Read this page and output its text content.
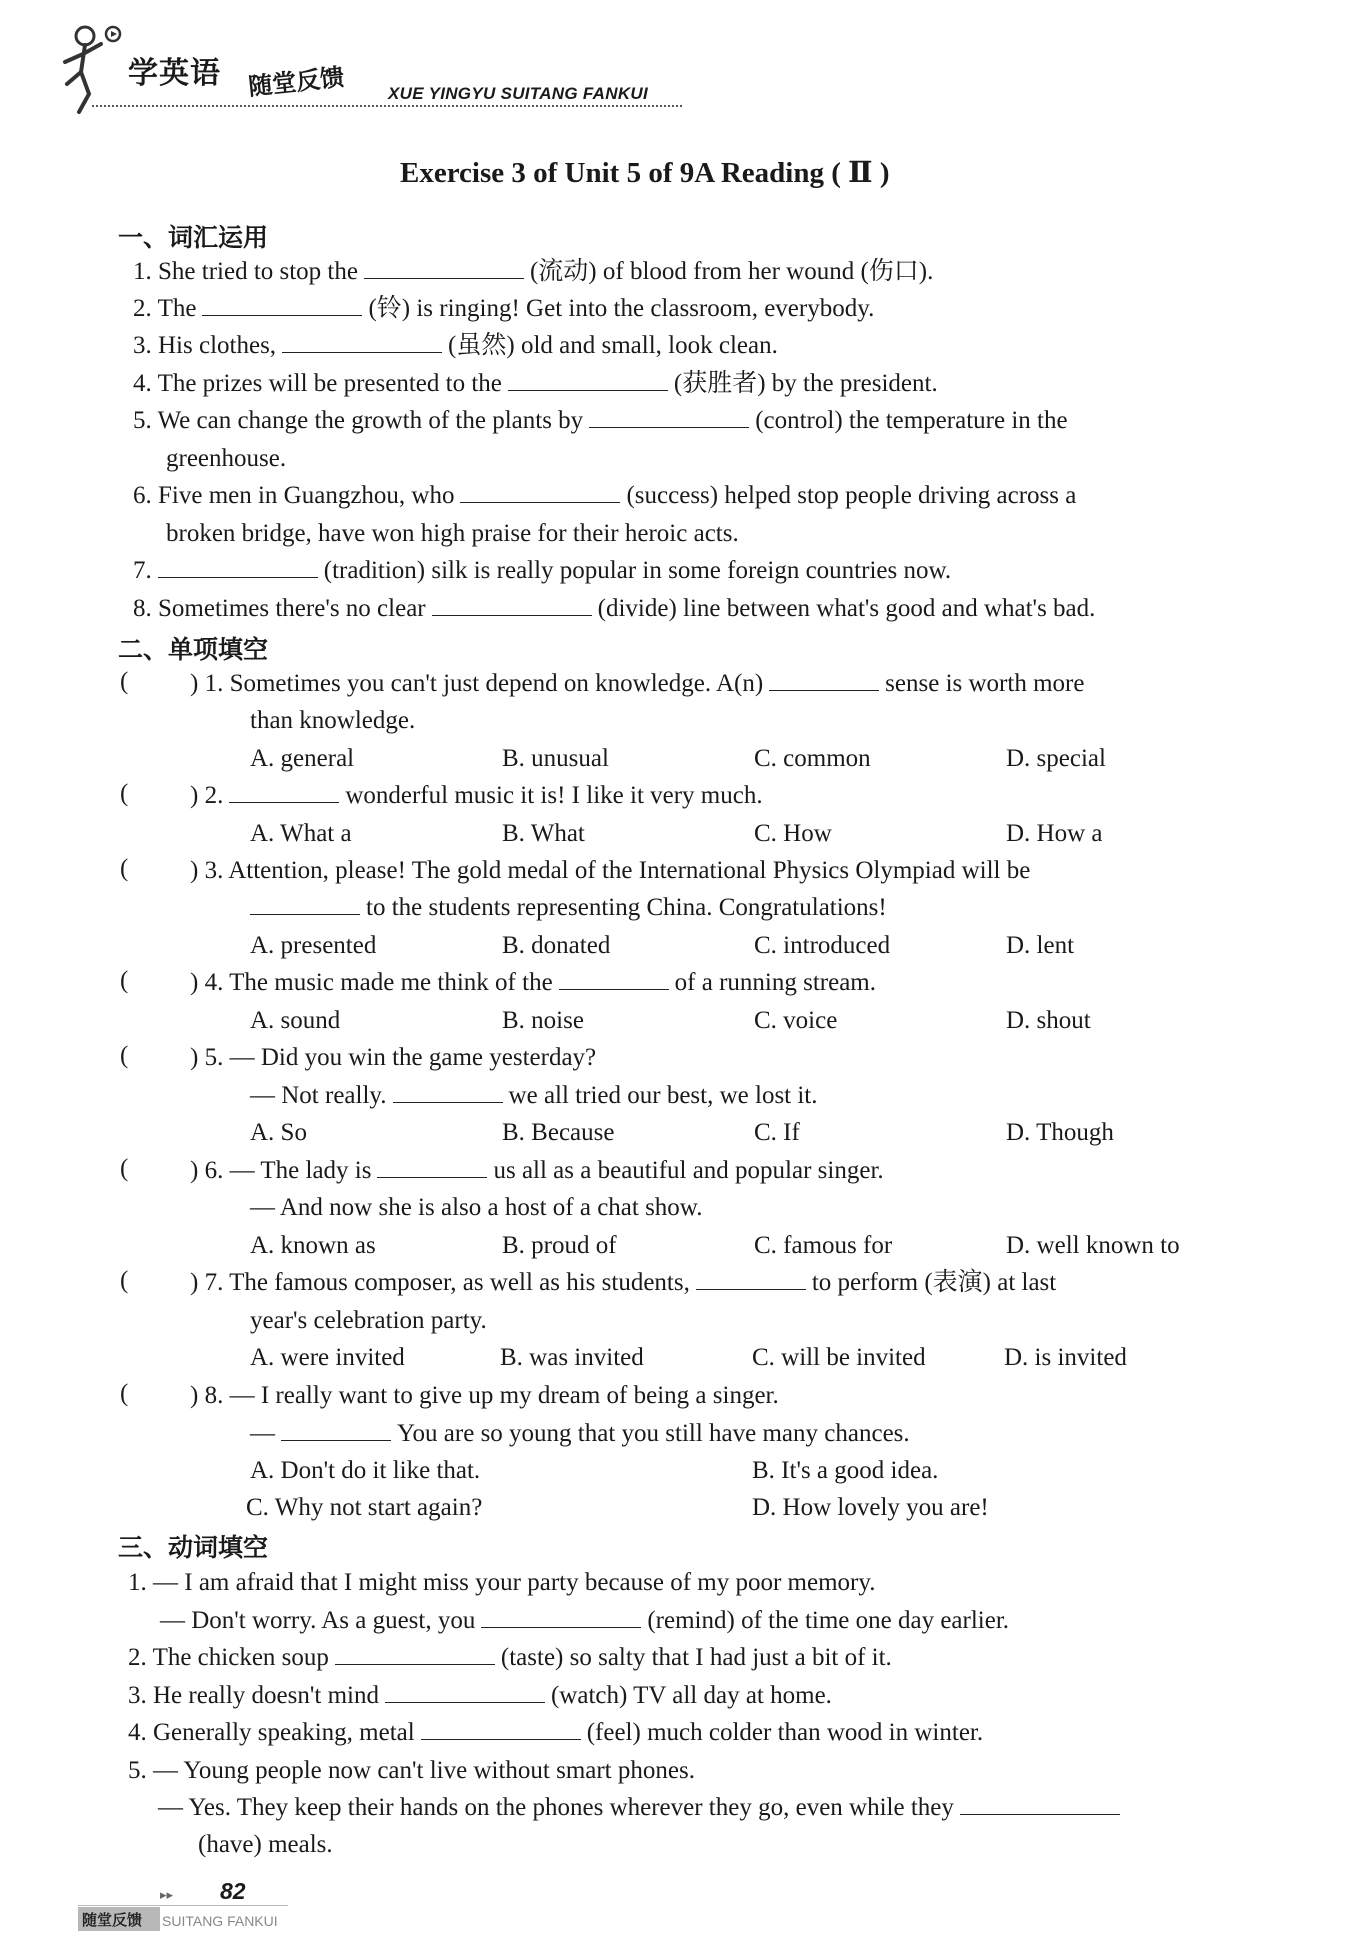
学英语 随堂反馈	XUE YINGYU SUITANG FANKUI
Exercise 3 of Unit 5 of 9A Reading ( Ⅱ )
一、词汇运用
1. She tried to stop the	(流动) of blood from her wound (伤口).
2. The	(铃) is ringing! Get into the classroom, everybody.
3. His clothes,	(虽然) old and small, look clean.
4. The prizes will be presented to the	(获胜者) by the president.
5. We can change the growth of the plants by	(control) the temperature in the
greenhouse.
6. Five men in Guangzhou, who	(success) helped stop people driving across a
broken bridge, have won high praise for their heroic acts.
7.	(tradition) silk is really popular in some foreign countries now.
8. Sometimes there's no clear	(divide) line between what's good and what's bad.
二、单项填空
( ) 1. Sometimes you can't just depend on knowledge. A(n)	sense is worth more
than knowledge.
A. general	B. unusual	C. common	D. special
( ) 2.	wonderful music it is! I like it very much.
A. What a	B. What	C. How	D. How a
( ) 3. Attention, please! The gold medal of the International Physics Olympiad will be
to the students representing China. Congratulations!
A. presented	B. donated	C. introduced	D. lent
( ) 4. The music made me think of the	of a running stream.
A. sound	B. noise	C. voice	D. shout
( ) 5. — Did you win the game yesterday?
— Not really.	we all tried our best, we lost it.
A. So	B. Because	C. If	D. Though
( ) 6. — The lady is	us all as a beautiful and popular singer.
— And now she is also a host of a chat show.
A. known as	B. proud of	C. famous for	D. well known to
( ) 7. The famous composer, as well as his students,	to perform (表演) at last
year's celebration party.
A. were invited	B. was invited	C. will be invited	D. is invited
( ) 8. — I really want to give up my dream of being a singer.
—	You are so young that you still have many chances.
A. Don't do it like that.	B. It's a good idea.
C. Why not start again?	D. How lovely you are!
三、动词填空
1. — I am afraid that I might miss your party because of my poor memory.
— Don't worry. As a guest, you	(remind) of the time one day earlier.
2. The chicken soup	(taste) so salty that I had just a bit of it.
3. He really doesn't mind	(watch) TV all day at home.
4. Generally speaking, metal	(feel) much colder than wood in winter.
5. — Young people now can't live without smart phones.
— Yes. They keep their hands on the phones wherever they go, even while they
(have) meals.
▸▸ 82
随堂反馈 SUITANG FANKUI
